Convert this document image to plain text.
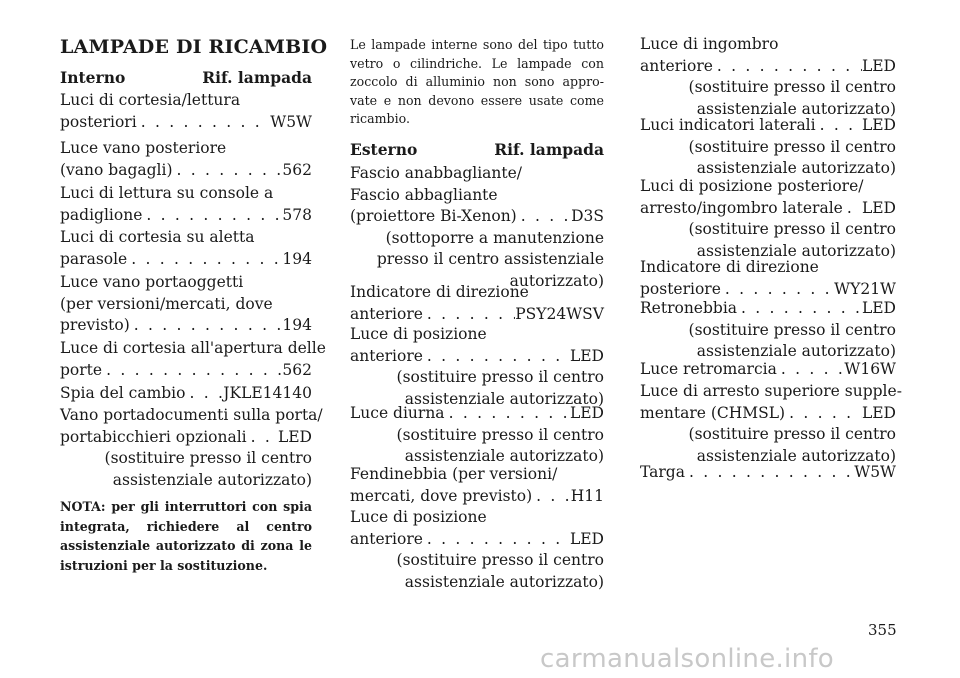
LAMPADE DI RICAMBIO
Interno	Rif. lampada
Luci di cortesia/lettura
posteriori . . .	W5W
Luce vano posteriore
(vano bagagli) . . .	562
Luci di lettura su console a
padiglione . . .	578
Luci di cortesia su aletta
parasole . . .	194
Luce vano portaoggetti
(per versioni/mercati, dove
previsto) . . .	194
Luce di cortesia all'apertura delle
porte . . .	562
Spia del cambio . . . JKLE14140
Vano portadocumenti sulla porta/
portabicchieri opzionali . . . LED
(sostituire presso il centro
assistenziale autorizzato)
NOTA: per gli interruttori con spia integrata, richiedere al centro assistenziale autorizzato di zona le istruzioni per la sostituzione.
Le lampade interne sono del tipo tutto vetro o cilindriche. Le lampade con zoccolo di alluminio non sono appro-vate e non devono essere usate come ricambio.
Esterno	Rif. lampada
Fascio anabbagliante/
Fascio abbagliante
(proiettore Bi-Xenon) . . .	D3S
(sottoporre a manutenzione
presso il centro assistenziale
autorizzato)
Indicatore di direzione
anteriore . . .	PSY24WSV
Luce di posizione
anteriore . . .	LED
(sostituire presso il centro
assistenziale autorizzato)
Luce diurna . . .	LED
(sostituire presso il centro
assistenziale autorizzato)
Fendinebbia (per versioni/
mercati, dove previsto) . . . H11
Luce di posizione
anteriore . . .	LED
(sostituire presso il centro
assistenziale autorizzato)
Luce di ingombro
anteriore . . .	LED
(sostituire presso il centro
assistenziale autorizzato)
Luci indicatori laterali . . .	LED
(sostituire presso il centro
assistenziale autorizzato)
Luci di posizione posteriore/
arresto/ingombro laterale . . . LED
(sostituire presso il centro
assistenziale autorizzato)
Indicatore di direzione
posteriore . . .	WY21W
Retronebbia . . .	LED
(sostituire presso il centro
assistenziale autorizzato)
Luce retromarcia . . .	W16W
Luce di arresto superiore supple-
mentare (CHMSL) . . .	LED
(sostituire presso il centro
assistenziale autorizzato)
Targa . . .	W5W
355
carmanualsonline.info
